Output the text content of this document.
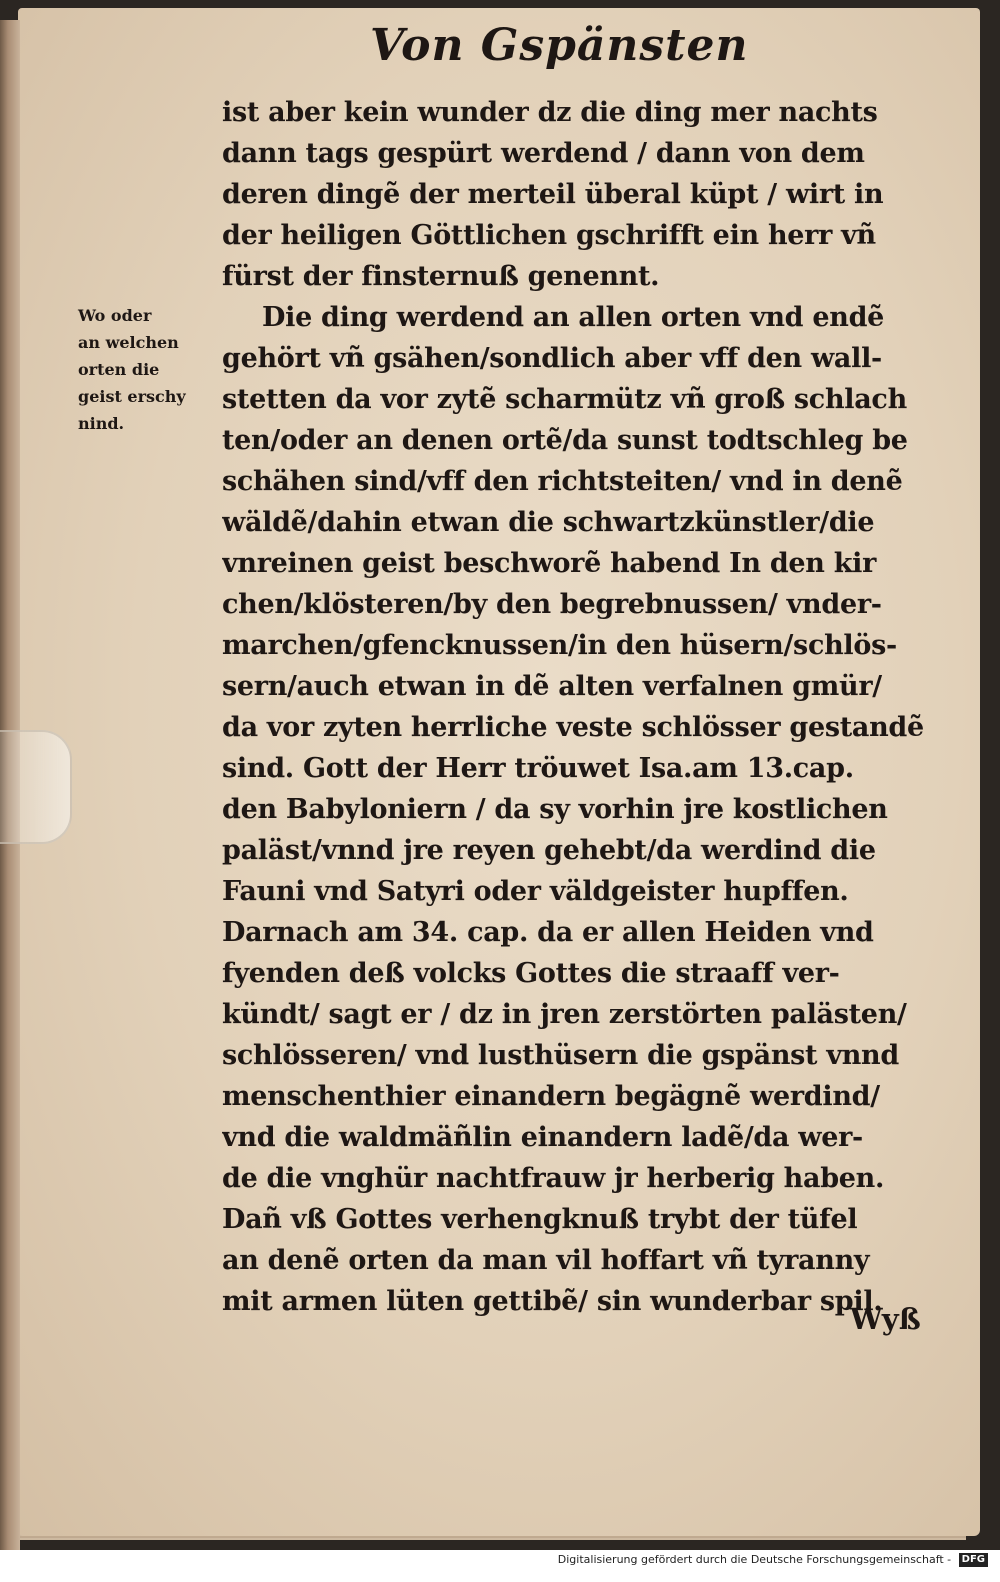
Von Gspänsten
Wo oder
an welchen
orten die
geist erschy
nind.
ist aber kein wunder dz die ding mer nachts
dann tags gespürt werdend / dann von dem
deren dingẽ der merteil überal küpt / wirt in
der heiligen Göttlichen gschrifft ein herr vñ
fürst der finsternuß genennt.
Die ding werdend an allen orten vnd endẽ
gehört vñ gsähen/sondlich aber vff den wall-
stetten da vor zytẽ scharmütz vñ groß schlach
ten/oder an denen ortẽ/da sunst todtschleg be
schähen sind/vff den richtsteiten/ vnd in denẽ
wäldẽ/dahin etwan die schwartzkünstler/die
vnreinen geist beschworẽ habend In den kir
chen/klösteren/by den begrebnussen/ vnder-
marchen/gfencknussen/in den hüsern/schlös-
sern/auch etwan in dẽ alten verfalnen gmür/
da vor zyten herrliche veste schlösser gestandẽ
sind. Gott der Herr tröuwet Isa.am 13.cap.
den Babyloniern / da sy vorhin jre kostlichen
paläst/vnnd jre reyen gehebt/da werdind die
Fauni vnd Satyri oder väldgeister hupffen.
Darnach am 34. cap. da er allen Heiden vnd
fyenden deß volcks Gottes die straaff ver-
kündt/ sagt er / dz in jren zerstörten palästen/
schlösseren/ vnd lusthüsern die gspänst vnnd
menschenthier einandern begägnẽ werdind/
vnd die waldmäñlin einandern ladẽ/da wer-
de die vnghür nachtfrauw jr herberig haben.
Dañ vß Gottes verhengknuß trybt der tüfel
an denẽ orten da man vil hoffart vñ tyranny
mit armen lüten gettibẽ/ sin wunderbar spil.
Wyß
Digitalisierung gefördert durch die Deutsche Forschungsgemeinschaft - DFG
